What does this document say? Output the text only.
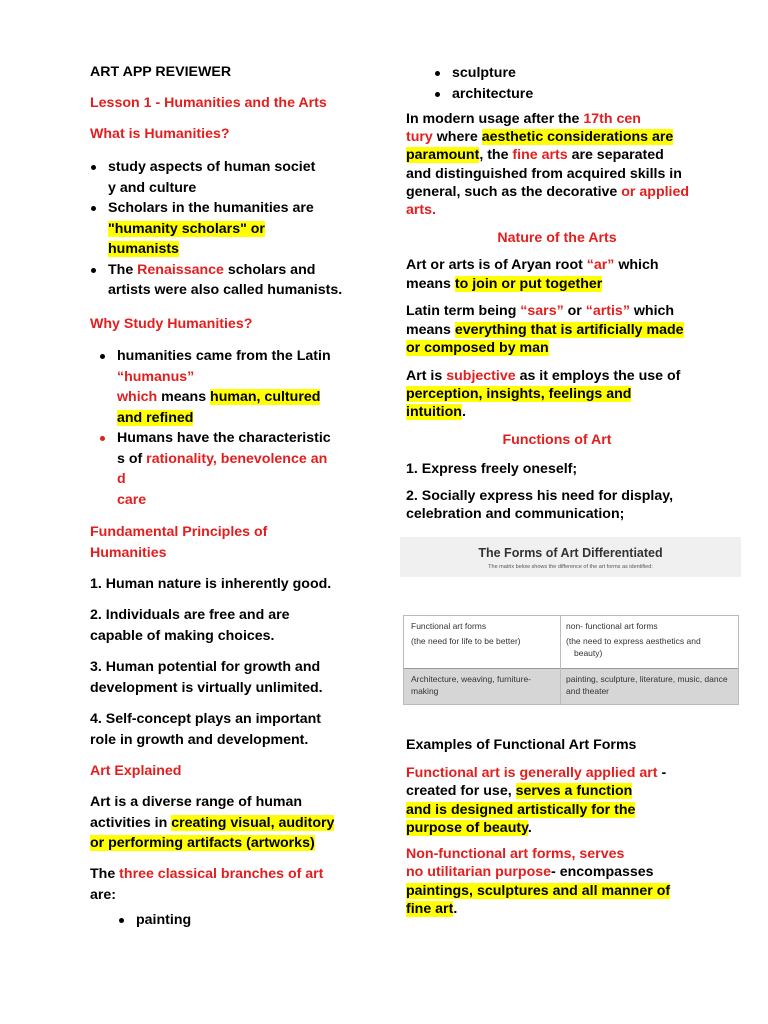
ART APP REVIEWER

Lesson 1 - Humanities and the Arts

What is Humanities?

study aspects of human societ
y and culture
Scholars in the humanities are
"humanity scholars" or
humanists
The Renaissance scholars and
artists were also called humanists.

Why Study Humanities?

humanities came from the Latin
“humanus”
which means human, cultured
and refined
Humans have the characteristic
s of rationality, benevolence an
d
care

Fundamental Principles of
Humanities

1. Human nature is inherently good.

2. Individuals are free and are
capable of making choices.

3. Human potential for growth and
development is virtually unlimited.

4. Self-concept plays an important
role in growth and development.

Art Explained

Art is a diverse range of human
activities in creating visual, auditory
or performing artifacts (artworks)

The three classical branches of art
are:

painting
sculpture
architecture

In modern usage after the 17th cen
tury where aesthetic considerations are
paramount, the fine arts are separated
and distinguished from acquired skills in
general, such as the decorative or applied
arts.

Nature of the Arts

Art or arts is of Aryan root “ar” which
means to join or put together

Latin term being “sars” or “artis” which
means everything that is artificially made
or composed by man

Art is subjective as it employs the use of
perception, insights, feelings and
intuition.

Functions of Art

1. Express freely oneself;

2. Socially express his need for display,
celebration and communication;

Examples of Functional Art Forms

Functional art is generally applied art -
created for use, serves a function
and is designed artistically for the
purpose of beauty.

Non-functional art forms, serves
no utilitarian purpose- encompasses
paintings, sculptures and all manner of
fine art.

The Forms of Art Differentiated
The matrix below shows the difference of the art forms as identified:
Functional art forms
(the need for life to be better)
non- functional art forms
(the need to express aesthetics and
beauty)
Architecture, weaving, furniture-making
painting, sculpture, literature, music, dance and theater
